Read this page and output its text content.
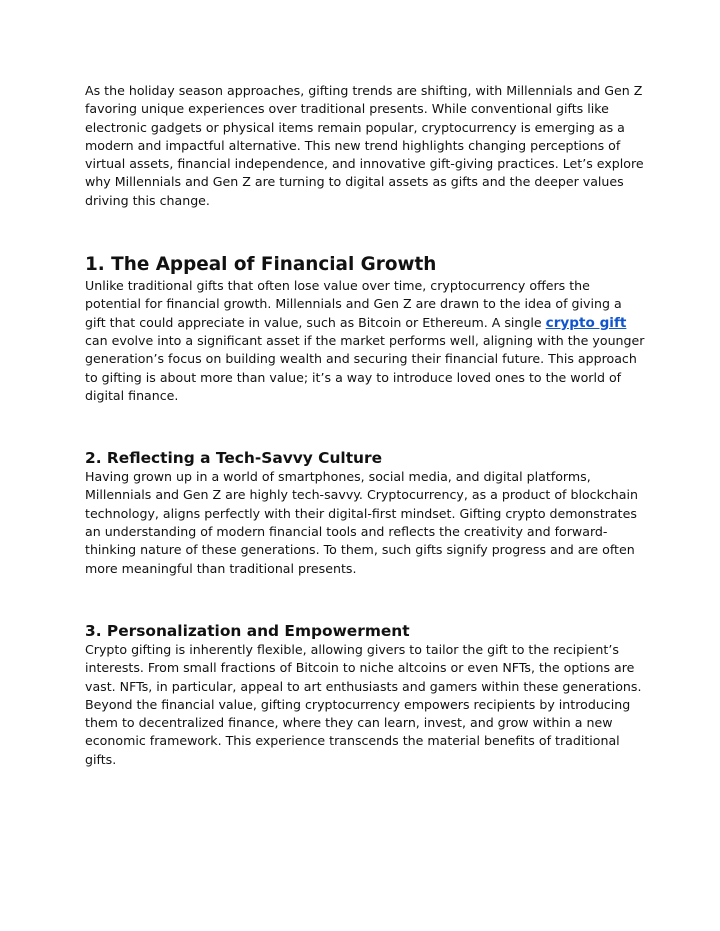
As the holiday season approaches, gifting trends are shifting, with Millennials and Gen Z favoring unique experiences over traditional presents. While conventional gifts like electronic gadgets or physical items remain popular, cryptocurrency is emerging as a modern and impactful alternative. This new trend highlights changing perceptions of virtual assets, financial independence, and innovative gift-giving practices. Let’s explore why Millennials and Gen Z are turning to digital assets as gifts and the deeper values driving this change.

1. The Appeal of Financial Growth

Unlike traditional gifts that often lose value over time, cryptocurrency offers the potential for financial growth. Millennials and Gen Z are drawn to the idea of giving a gift that could appreciate in value, such as Bitcoin or Ethereum. A single crypto gift can evolve into a significant asset if the market performs well, aligning with the younger generation’s focus on building wealth and securing their financial future. This approach to gifting is about more than value; it’s a way to introduce loved ones to the world of digital finance.

2. Reflecting a Tech-Savvy Culture

Having grown up in a world of smartphones, social media, and digital platforms, Millennials and Gen Z are highly tech-savvy. Cryptocurrency, as a product of blockchain technology, aligns perfectly with their digital-first mindset. Gifting crypto demonstrates an understanding of modern financial tools and reflects the creativity and forward-thinking nature of these generations. To them, such gifts signify progress and are often more meaningful than traditional presents.

3. Personalization and Empowerment

Crypto gifting is inherently flexible, allowing givers to tailor the gift to the recipient’s interests. From small fractions of Bitcoin to niche altcoins or even NFTs, the options are vast. NFTs, in particular, appeal to art enthusiasts and gamers within these generations. Beyond the financial value, gifting cryptocurrency empowers recipients by introducing them to decentralized finance, where they can learn, invest, and grow within a new economic framework. This experience transcends the material benefits of traditional gifts.
